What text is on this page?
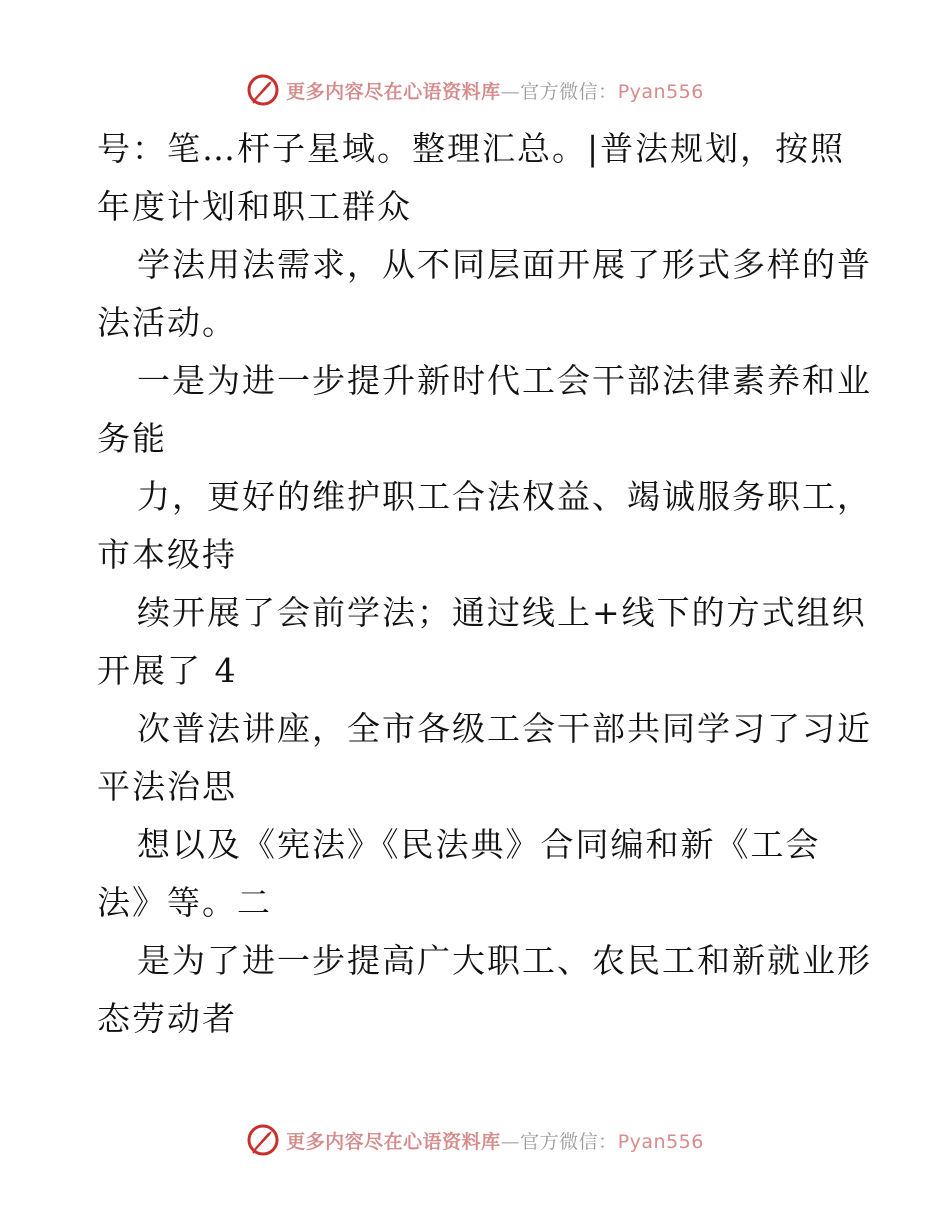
更多内容尽在心语资料库—官方微信：Pyan556
号：笔…杆子星域。整理汇总。|普法规划，按照
年度计划和职工群众
学法用法需求，从不同层面开展了形式多样的普
法活动。
一是为进一步提升新时代工会干部法律素养和业
务能
力，更好的维护职工合法权益、竭诚服务职工，
市本级持
续开展了会前学法；通过线上+线下的方式组织
开展了 4
次普法讲座，全市各级工会干部共同学习了习近
平法治思
想以及《宪法》《民法典》合同编和新《工会
法》等。二
是为了进一步提高广大职工、农民工和新就业形
态劳动者
更多内容尽在心语资料库—官方微信：Pyan556
